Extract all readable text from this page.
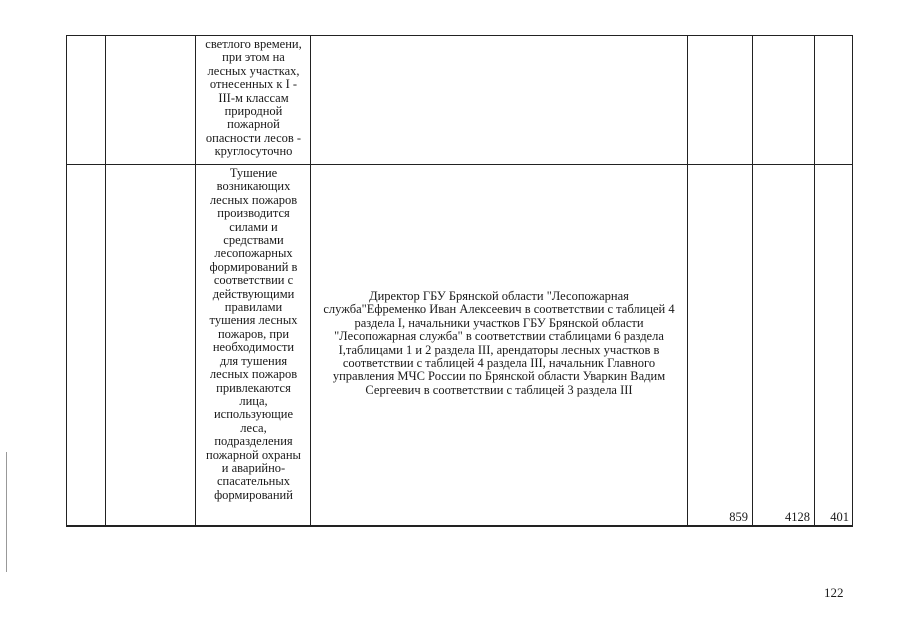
светлого времени,
при этом на
лесных участках,
отнесенных к I -
III-м классам
природной
пожарной
опасности лесов -
круглосуточно
Тушение
возникающих
лесных пожаров
производится
силами и
средствами
лесопожарных
формирований в
соответствии с
действующими
правилами
тушения лесных
пожаров, при
необходимости
для тушения
лесных пожаров
привлекаются
лица,
использующие
леса,
подразделения
пожарной охраны
и аварийно-
спасательных
формирований
Директор ГБУ Брянской области "Лесопожарная
служба"Ефременко Иван Алексеевич в соответствии с таблицей 4
раздела I, начальники участков ГБУ Брянской области
"Лесопожарная служба" в соответствии стаблицами 6 раздела
I,таблицами 1 и 2 раздела III, арендаторы лесных участков в
соответствии с таблицей 4 раздела III, начальник Главного
управления МЧС России по Брянской области Уваркин Вадим
Сергеевич в соответствии с таблицей 3 раздела III
859	4128	401
122
